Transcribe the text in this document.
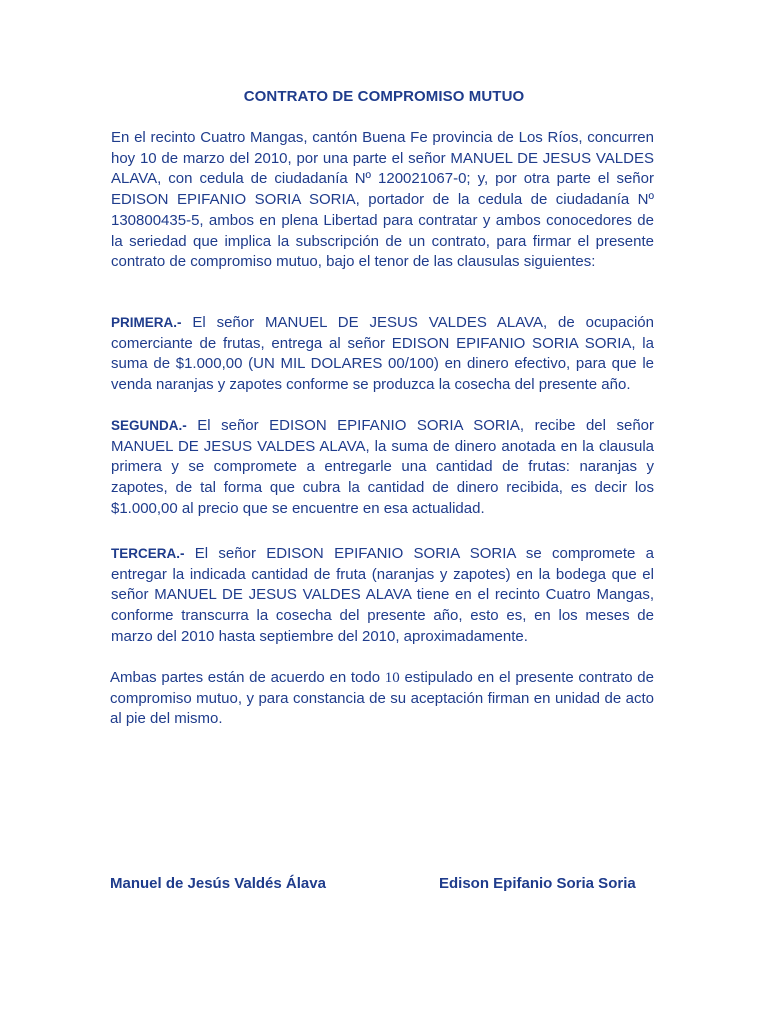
CONTRATO DE COMPROMISO MUTUO

En el recinto Cuatro Mangas, cantón Buena Fe provincia de Los Ríos, concurren hoy 10 de marzo del 2010, por una parte el señor MANUEL DE JESUS VALDES ALAVA, con cedula de ciudadanía Nº 120021067-0; y, por otra parte el señor EDISON EPIFANIO SORIA SORIA, portador de la cedula de ciudadanía Nº 130800435-5, ambos en plena Libertad para contratar y ambos conocedores de la seriedad que implica la subscripción de un contrato, para firmar el presente contrato de compromiso mutuo, bajo el tenor de las clausulas siguientes:

PRIMERA.- El señor MANUEL DE JESUS VALDES ALAVA, de ocupación comerciante de frutas, entrega al señor EDISON EPIFANIO SORIA SORIA, la suma de $1.000,00 (UN MIL DOLARES 00/100) en dinero efectivo, para que le venda naranjas y zapotes conforme se produzca la cosecha del presente año.

SEGUNDA.- El señor EDISON EPIFANIO SORIA SORIA, recibe del señor MANUEL DE JESUS VALDES ALAVA, la suma de dinero anotada en la clausula primera y se compromete a entregarle una cantidad de frutas: naranjas y zapotes, de tal forma que cubra la cantidad de dinero recibida, es decir los $1.000,00 al precio que se encuentre en esa actualidad.

TERCERA.- El señor EDISON EPIFANIO SORIA SORIA se compromete a entregar la indicada cantidad de fruta (naranjas y zapotes) en la bodega que el señor MANUEL DE JESUS VALDES ALAVA tiene en el recinto Cuatro Mangas, conforme transcurra la cosecha del presente año, esto es, en los meses de marzo del 2010 hasta septiembre del 2010, aproximadamente.

Ambas partes están de acuerdo en todo 10 estipulado en el presente contrato de compromiso mutuo, y para constancia de su aceptación firman en unidad de acto al pie del mismo.

Manuel de Jesús Valdés Álava	Edison Epifanio Soria Soria
